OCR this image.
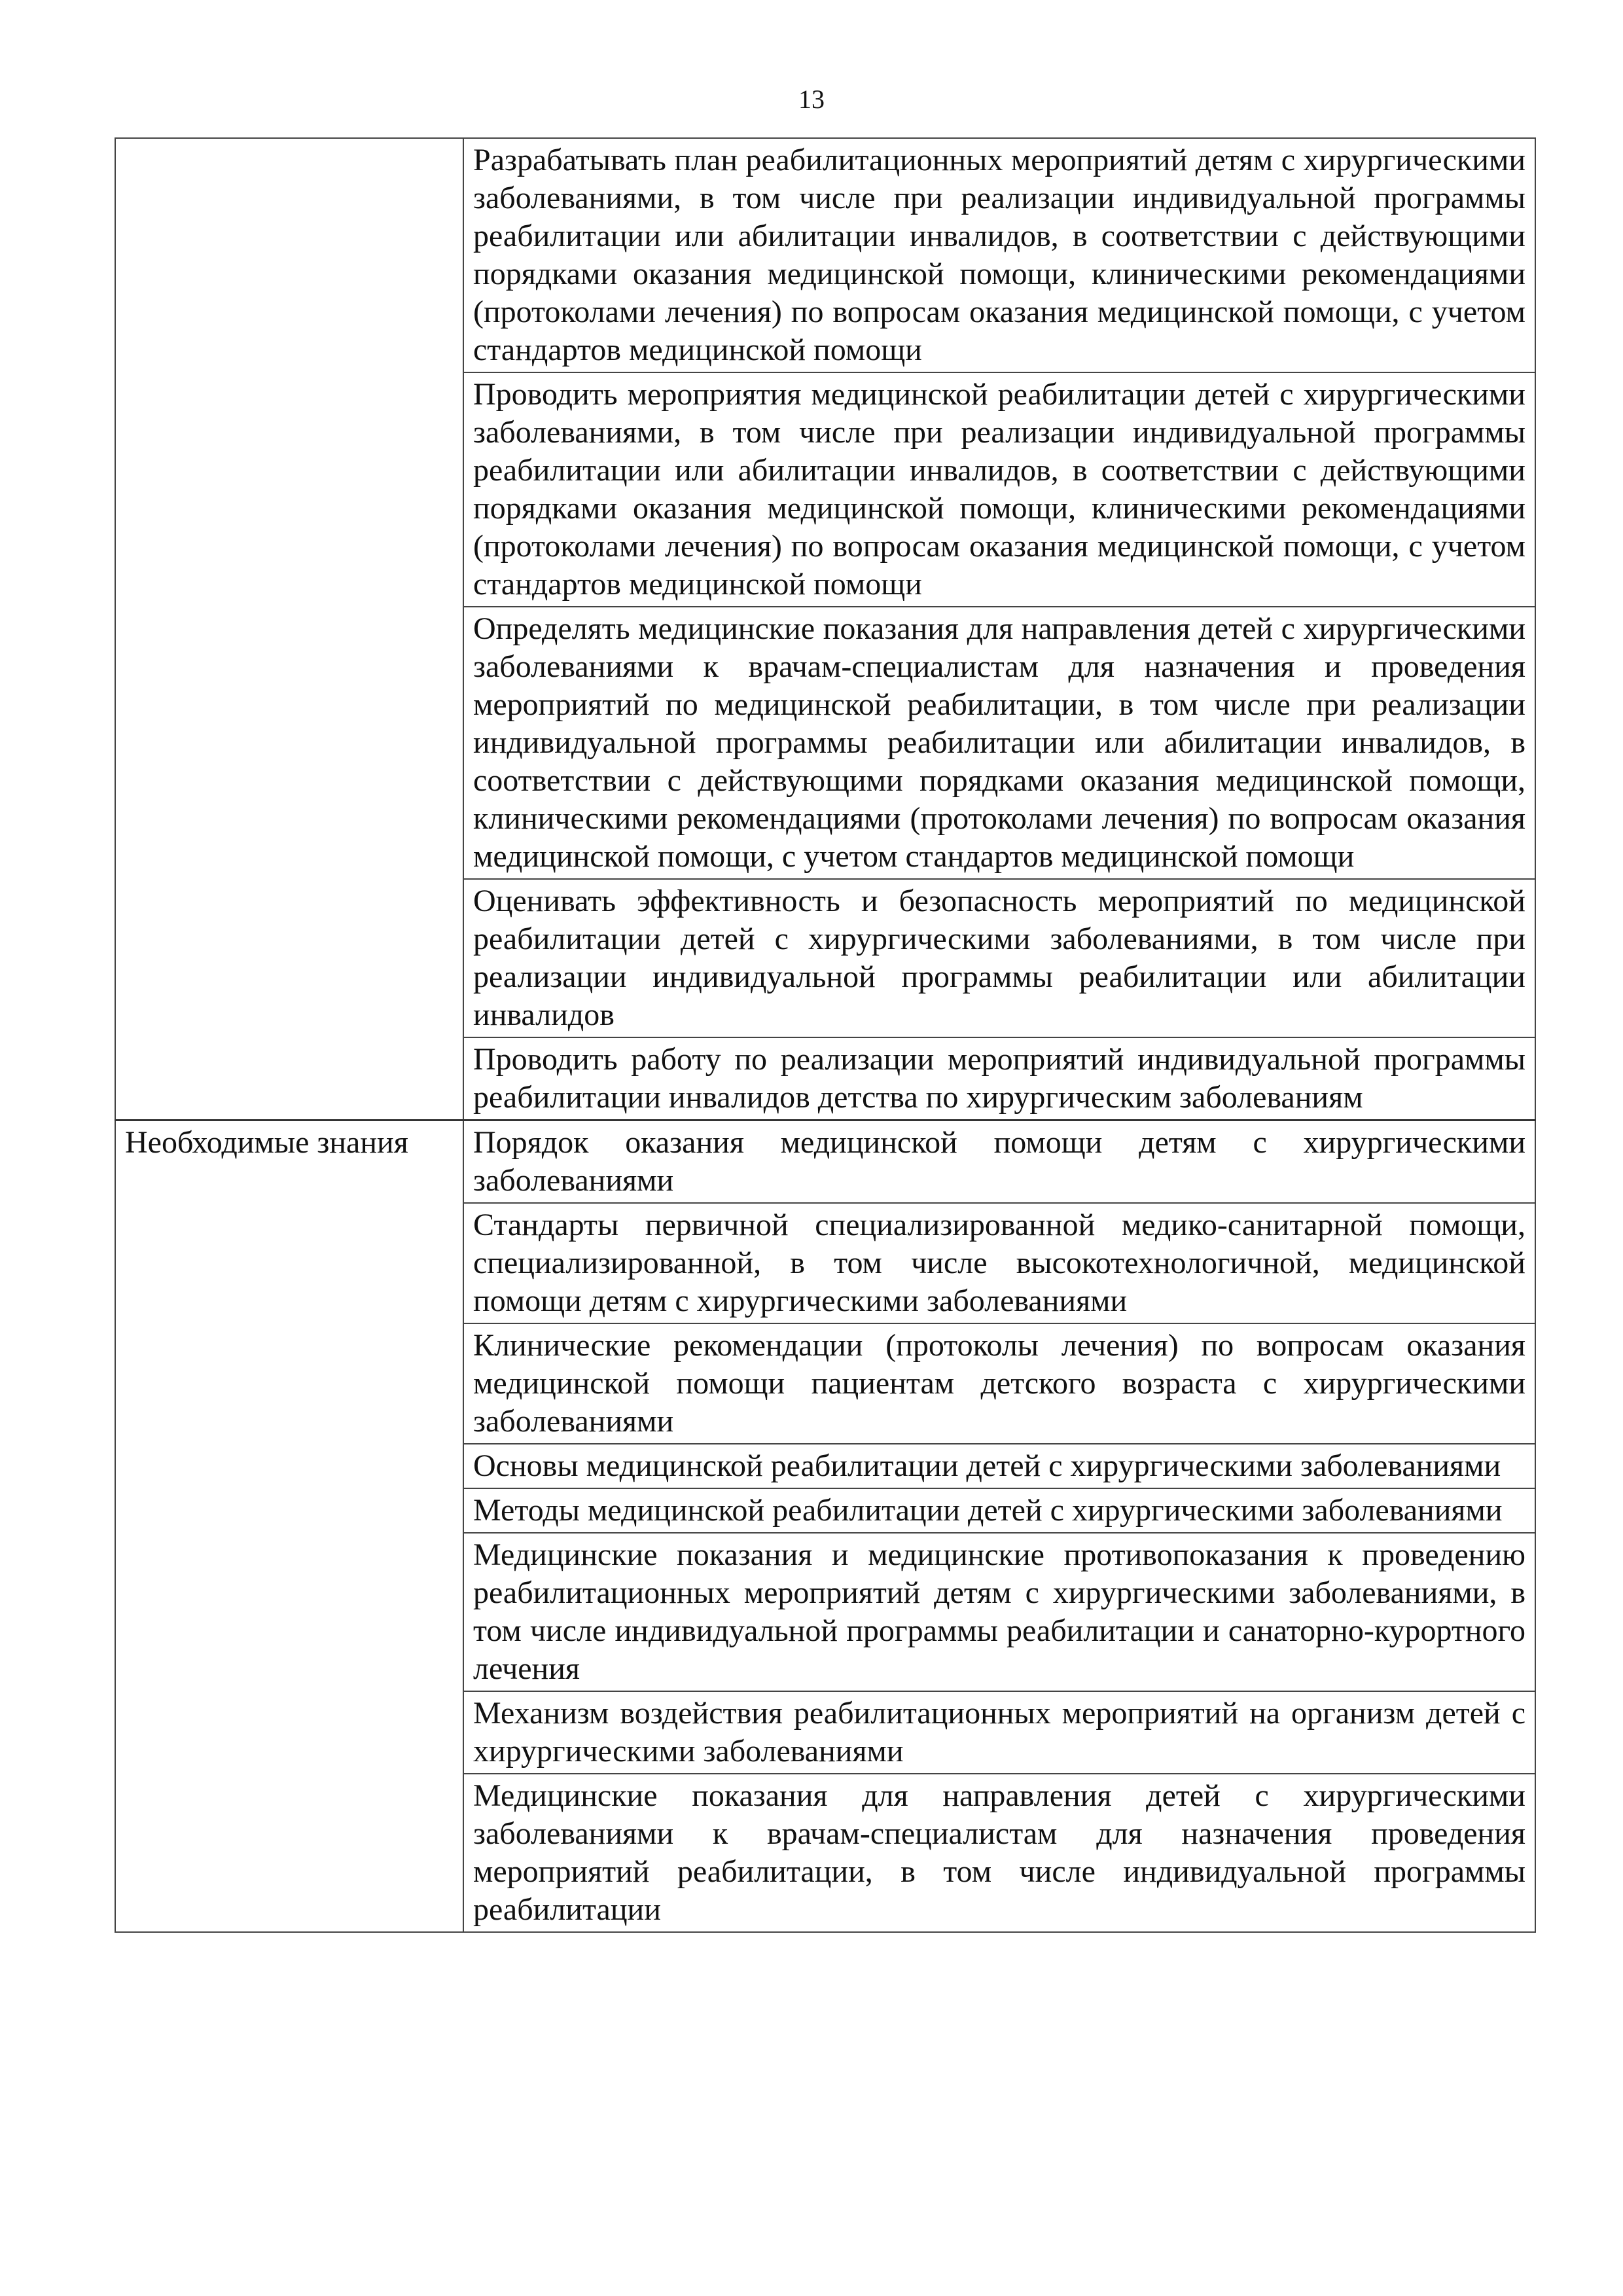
13
	Разрабатывать план реабилитационных мероприятий детям с хирургическими заболеваниями, в том числе при реализации индивидуальной программы реабилитации или абилитации инвалидов, в соответствии с действующими порядками оказания медицинской помощи, клиническими рекомендациями (протоколами лечения) по вопросам оказания медицинской помощи, с учетом стандартов медицинской помощи
	Проводить мероприятия медицинской реабилитации детей с хирургическими заболеваниями, в том числе при реализации индивидуальной программы реабилитации или абилитации инвалидов, в соответствии с действующими порядками оказания медицинской помощи, клиническими рекомендациями (протоколами лечения) по вопросам оказания медицинской помощи, с учетом стандартов медицинской помощи
	Определять медицинские показания для направления детей с хирургическими заболеваниями к врачам-специалистам для назначения и проведения мероприятий по медицинской реабилитации, в том числе при реализации индивидуальной программы реабилитации или абилитации инвалидов, в соответствии с действующими порядками оказания медицинской помощи, клиническими рекомендациями (протоколами лечения) по вопросам оказания медицинской помощи, с учетом стандартов медицинской помощи
	Оценивать эффективность и безопасность мероприятий по медицинской реабилитации детей с хирургическими заболеваниями, в том числе при реализации индивидуальной программы реабилитации или абилитации инвалидов
	Проводить работу по реализации мероприятий индивидуальной программы реабилитации инвалидов детства по хирургическим заболеваниям
Необходимые знания	Порядок оказания медицинской помощи детям с хирургическими заболеваниями
	Стандарты первичной специализированной медико-санитарной помощи, специализированной, в том числе высокотехнологичной, медицинской помощи детям с хирургическими заболеваниями
	Клинические рекомендации (протоколы лечения) по вопросам оказания медицинской помощи пациентам детского возраста с хирургическими заболеваниями
	Основы медицинской реабилитации детей с хирургическими заболеваниями
	Методы медицинской реабилитации детей с хирургическими заболеваниями
	Медицинские показания и медицинские противопоказания к проведению реабилитационных мероприятий детям с хирургическими заболеваниями, в том числе индивидуальной программы реабилитации и санаторно-курортного лечения
	Механизм воздействия реабилитационных мероприятий на организм детей с хирургическими заболеваниями
	Медицинские показания для направления детей с хирургическими заболеваниями к врачам-специалистам для назначения проведения мероприятий реабилитации, в том числе индивидуальной программы реабилитации
